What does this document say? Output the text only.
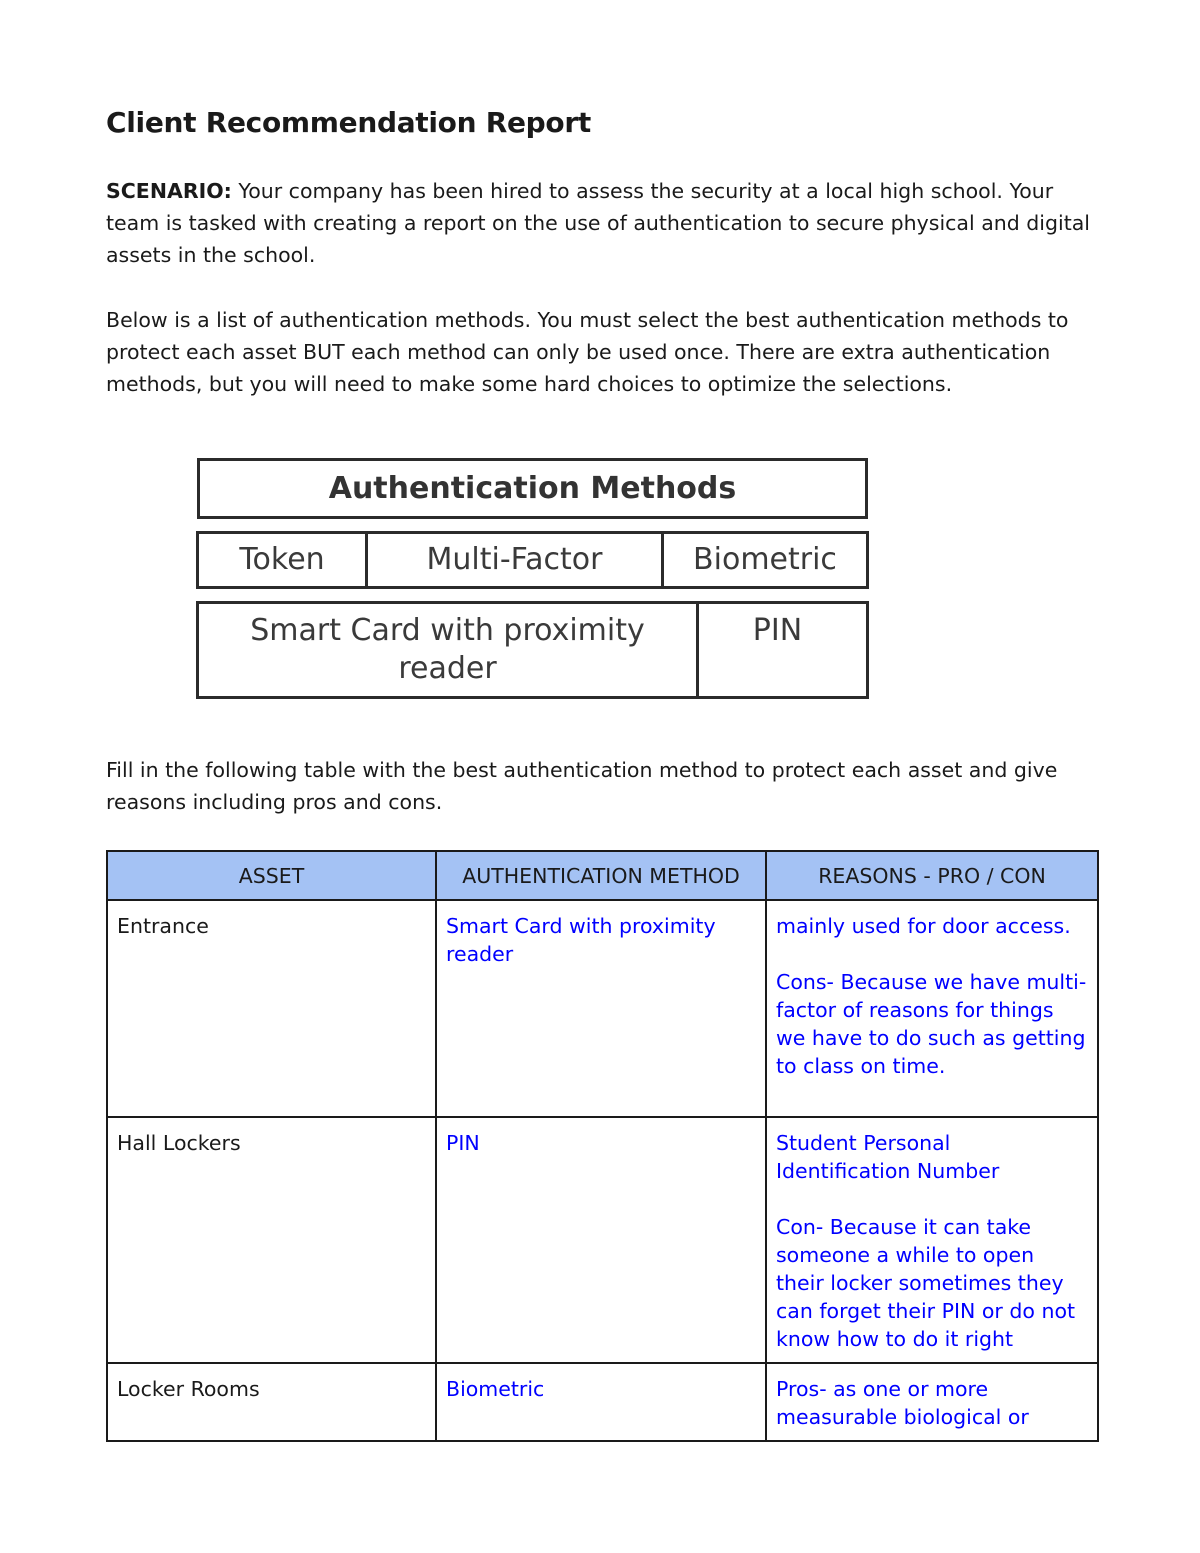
Client Recommendation Report

SCENARIO: Your company has been hired to assess the security at a local high school. Your team is tasked with creating a report on the use of authentication to secure physical and digital assets in the school.

Below is a list of authentication methods. You must select the best authentication methods to protect each asset BUT each method can only be used once. There are extra authentication methods, but you will need to make some hard choices to optimize the selections.

Authentication Methods
Token	Multi-Factor	Biometric
Smart Card with proximity reader
PIN

Fill in the following table with the best authentication method to protect each asset and give reasons including pros and cons.

ASSET	AUTHENTICATION METHOD	REASONS - PRO / CON
Entrance	Smart Card with proximity reader	mainly used for door access.
Cons- Because we have multi-factor of reasons for things we have to do such as getting to class on time.

Hall Lockers	PIN	Student Personal Identification Number
Con- Because it can take someone a while to open their locker sometimes they can forget their PIN or do not know how to do it right

Locker Rooms	Biometric	Pros- as one or more measurable biological or
